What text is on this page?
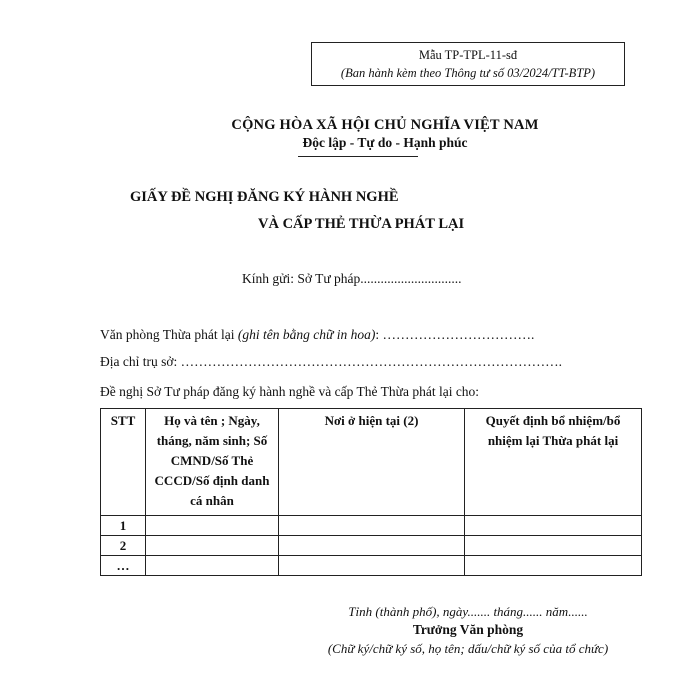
Mẫu TP-TPL-11-sđ
(Ban hành kèm theo Thông tư số 03/2024/TT-BTP)
CỘNG HÒA XÃ HỘI CHỦ NGHĨA VIỆT NAM
Độc lập - Tự do - Hạnh phúc
GIẤY ĐỀ NGHỊ ĐĂNG KÝ HÀNH NGHỀ
VÀ CẤP THẺ THỪA PHÁT LẠI
Kính gửi: Sở Tư pháp..............................
Văn phòng Thừa phát lại (ghi tên bằng chữ in hoa): …………………………….
Địa chỉ trụ sở: ………………………………………………………………………….
Đề nghị Sở Tư pháp đăng ký hành nghề và cấp Thẻ Thừa phát lại cho:
STT	Họ và tên ; Ngày, tháng, năm sinh; Số CMND/Số Thẻ CCCD/Số định danh cá nhân	Nơi ở hiện tại (2)	Quyết định bổ nhiệm/bổ nhiệm lại Thừa phát lại
1			
2			
…			
Tỉnh (thành phố), ngày....... tháng...... năm......
Trưởng Văn phòng
(Chữ ký/chữ ký số, họ tên; dấu/chữ ký số của tổ chức)
